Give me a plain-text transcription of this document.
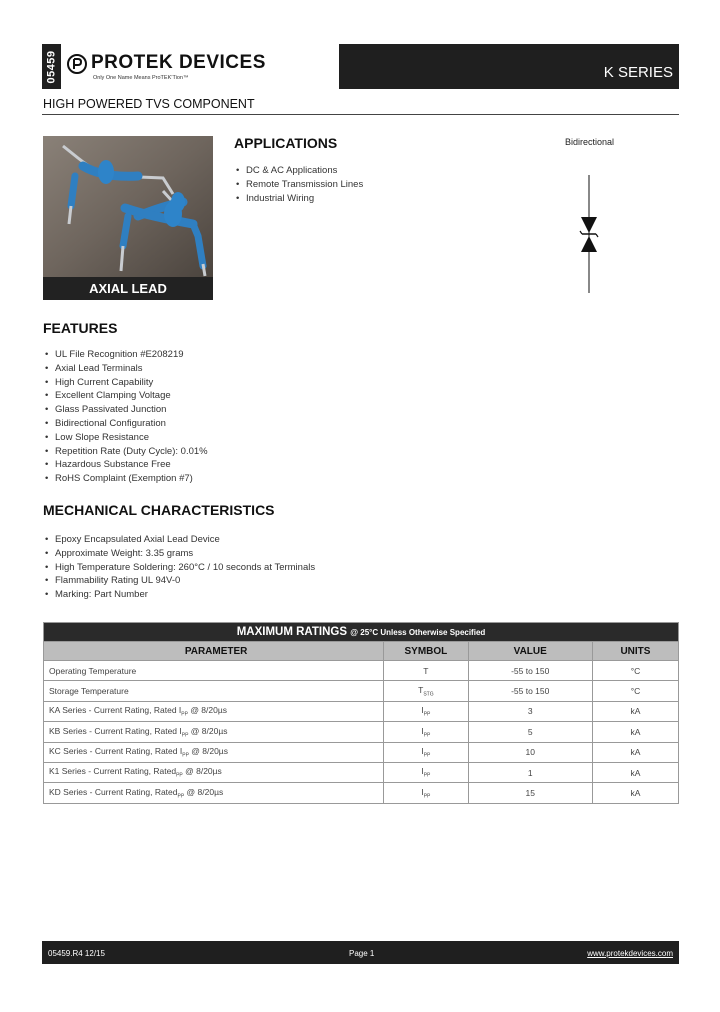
05459 PROTEK DEVICES
Only One Name Means ProTEK’Tion™	K SERIES
HIGH POWERED TVS COMPONENT
AXIAL LEAD
APPLICATIONS
• DC & AC Applications
• Remote Transmission Lines
• Industrial Wiring
Bidirectional
FEATURES
• UL File Recognition #E208219
• Axial Lead Terminals
• High Current Capability
• Excellent Clamping Voltage
• Glass Passivated Junction
• Bidirectional Configuration
• Low Slope Resistance
• Repetition Rate (Duty Cycle): 0.01%
• Hazardous Substance Free
• RoHS Complaint (Exemption #7)
MECHANICAL CHARACTERISTICS
• Epoxy Encapsulated Axial Lead Device
• Approximate Weight: 3.35 grams
• High Temperature Soldering: 260°C / 10 seconds at Terminals
• Flammability Rating UL 94V-0
• Marking: Part Number
MAXIMUM RATINGS @ 25°C Unless Otherwise Specified			
PARAMETER	SYMBOL	VALUE	UNITS
Operating Temperature	T	-55 to 150	°C
Storage Temperature	$T_{STG}$	-55 to 150	°C
KA Series - Current Rating, Rated $I_{PP}$ @ 8/20µs	$I_{PP}$	3	kA
KB Series - Current Rating, Rated $I_{PP}$ @ 8/20µs	$I_{PP}$	5	kA
KC Series - Current Rating, Rated $I_{PP}$ @ 8/20µs	$I_{PP}$	10	kA
K1 Series - Current Rating, Rated$_{PP}$ @ 8/20µs	$I_{PP}$	1	kA
KD Series - Current Rating, Rated$_{PP}$ @ 8/20µs	$I_{PP}$	15	kA
05459.R4 12/15	Page 1	www.protekdevices.com
